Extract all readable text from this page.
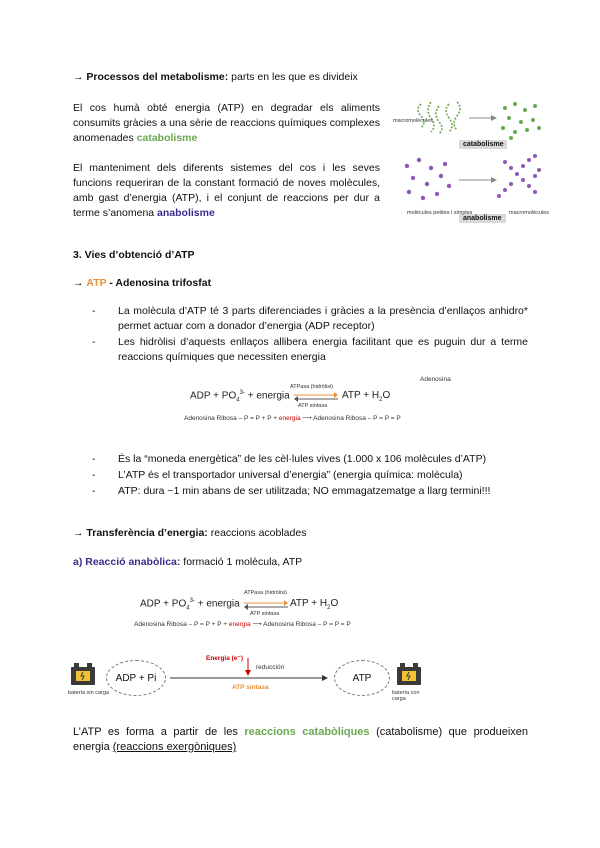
→ Processos del metabolisme: parts en les que es divideix
El cos humà obté energia (ATP) en degradar els aliments consumits gràcies a una sèrie de reaccions químiques complexes anomenades catabolisme
El manteniment dels diferents sistemes del cos i les seves funcions requeriran de la constant formació de noves molècules, amb gast d’energia (ATP), i el conjunt de reaccions per dur a terme s’anomena anabolisme
macromolècules
catabolisme
anabolisme
molècules petites i simples	macromolècules
3. Vies d’obtenció d’ATP
→ ATP - Adenosina trifosfat
- La molècula d’ATP té 3 parts diferenciades i gràcies a la presència d’enllaços anhidro* permet actuar com a donador d’energia (ADP receptor)
- Les hidròlisi d’aquests enllaços allibera energia facilitant que es puguin dur a terme reaccions químiques que necessiten energia
Adenosina
ADP + $PO_4^{3-}$ + energia
ATPasa (hidròlisi)
ATP sintasa
ATP + $H_2O$
Adenosina Ribosa – P = P + P + energia ⟶ Adenosina Ribosa – P = P = P
- És la “moneda energètica” de les cèl·lules vives (1.000 x 106 molècules d’ATP)
- L’ATP és el transportador universal d’energia” (energia química: molècula)
- ATP: dura ~1 min abans de ser utilitzada; NO emmagatzematge a llarg termini!!!
→ Transferència d’energia: reaccions acoblades
a) Reacció anabòlica: formació 1 molècula, ATP
ADP + $PO_4^{3-}$ + energia
ATPasa (hidròlisi)
ATP sintasa
ATP + $H_2O$
Adenosina Ribosa – P = P + P + energia ⟶ Adenosina Ribosa – P = P = P
batería sin carga
ADP + Pi
Energia (e⁻)
reducción
ATP sintasa
ATP
batería con carga
L’ATP es forma a partir de les reaccions catabòliques (catabolisme) que produeixen energia (reaccions exergòniques)
